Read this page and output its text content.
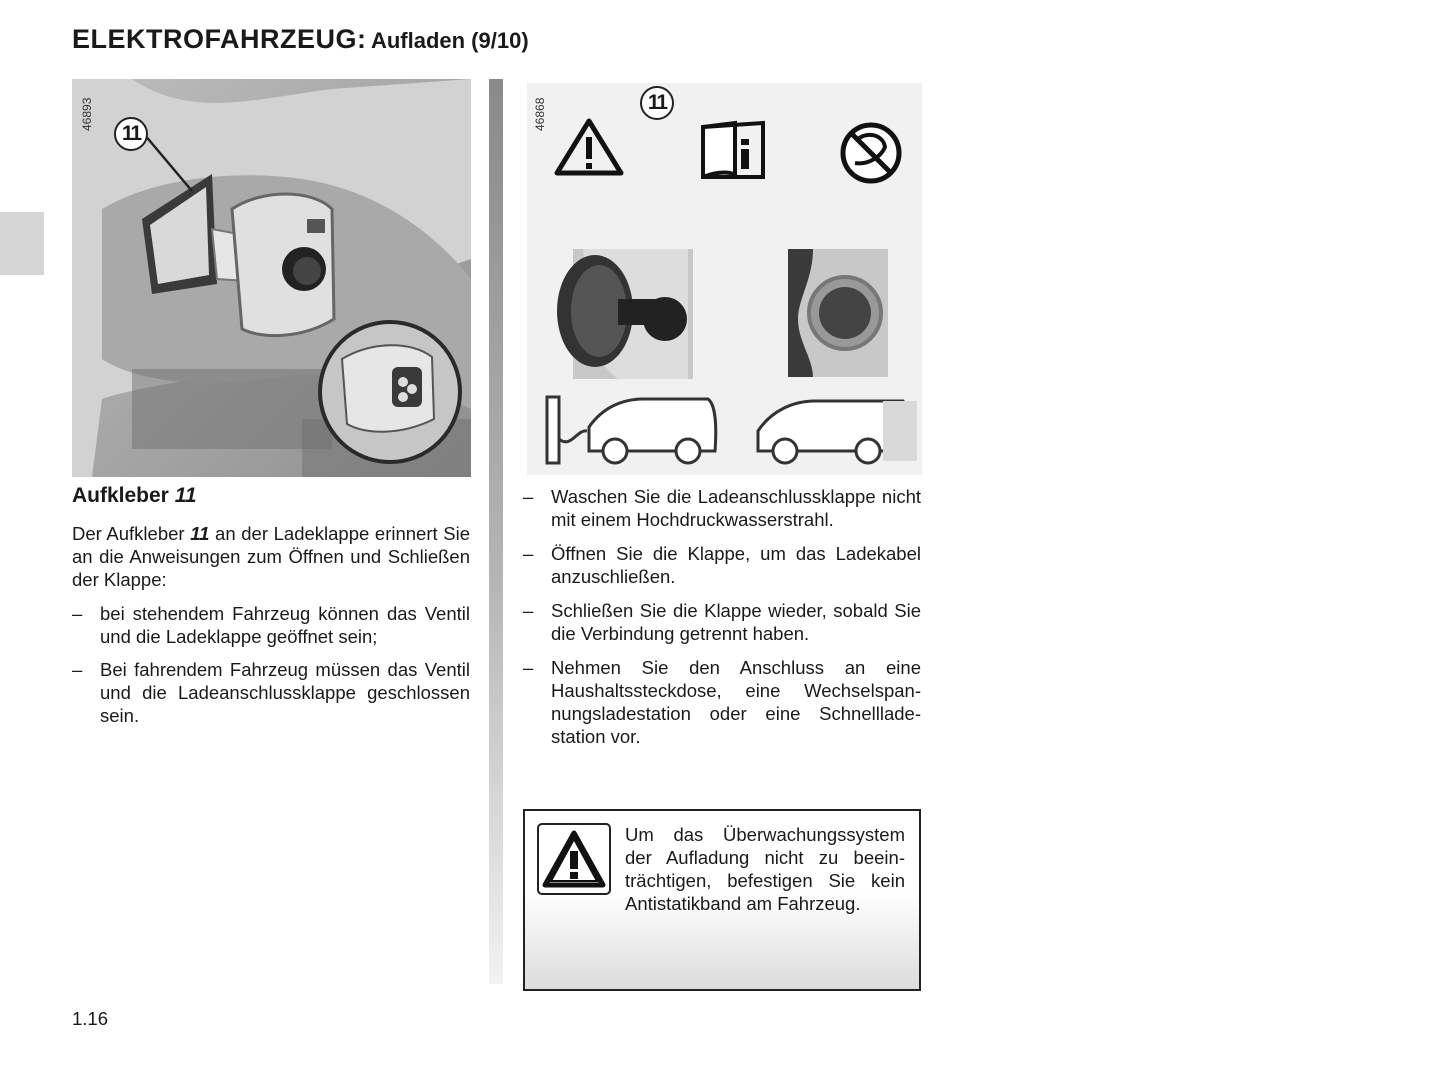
ELEKTROFAHRZEUG: Aufladen (9/10)
46893
11
46868	11
Aufkleber 11
Der Aufkleber 11 an der Ladeklappe erinnert Sie an die Anweisungen zum Öffnen und Schließen der Klappe:
– bei stehendem Fahrzeug können das Ventil und die Ladeklappe geöffnet sein;
– Bei fahrendem Fahrzeug müssen das Ventil und die Ladeanschlussklappe geschlossen sein.
– Waschen Sie die Ladeanschlussklappe nicht mit einem Hochdruckwasserstrahl.
– Öffnen Sie die Klappe, um das Ladekabel anzuschließen.
– Schließen Sie die Klappe wieder, sobald Sie die Verbindung getrennt haben.
– Nehmen Sie den Anschluss an eine Haushaltssteckdose, eine Wechselspannungsladestation oder eine Schnellladestation vor.
Um das Überwachungssystem der Aufladung nicht zu beeinträchtigen, befestigen Sie kein Antistatikband am Fahrzeug.
1.16
